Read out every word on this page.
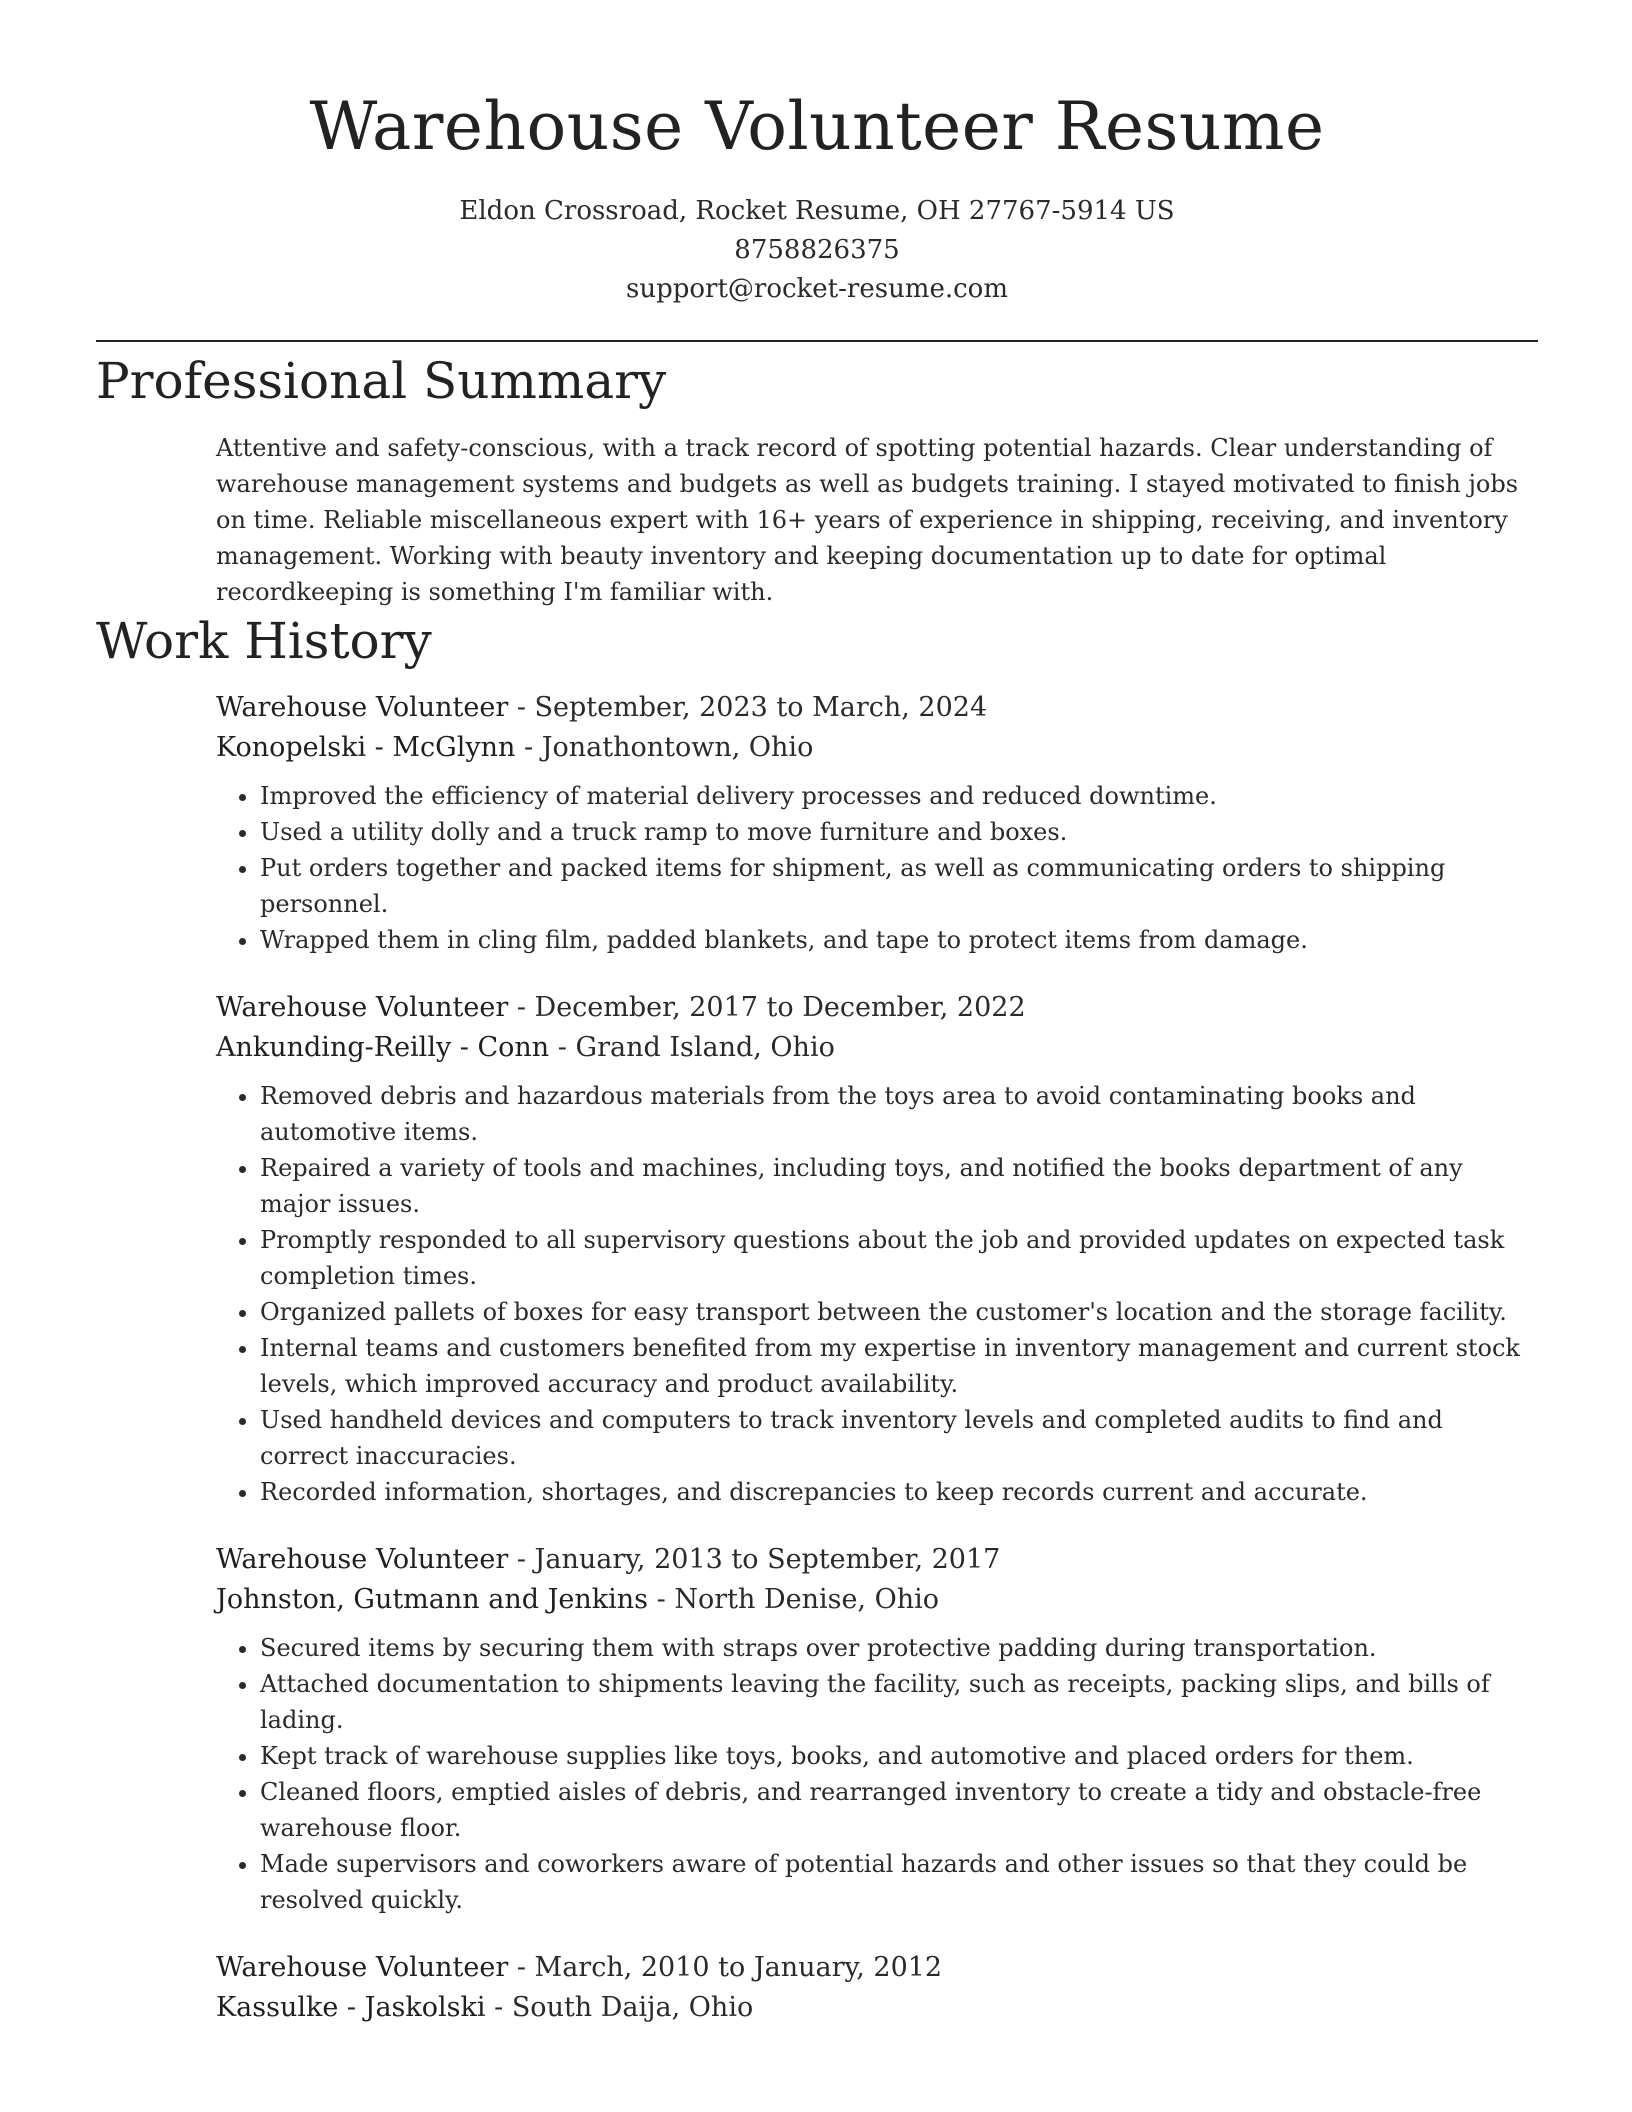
Warehouse Volunteer Resume
Eldon Crossroad, Rocket Resume, OH 27767-5914 US
8758826375
support@rocket-resume.com
Professional Summary

Attentive and safety-conscious, with a track record of spotting potential hazards. Clear understanding of warehouse management systems and budgets as well as budgets training. I stayed motivated to finish jobs on time. Reliable miscellaneous expert with 16+ years of experience in shipping, receiving, and inventory management. Working with beauty inventory and keeping documentation up to date for optimal recordkeeping is something I'm familiar with.

Work History
Warehouse Volunteer - September, 2023 to March, 2024
Konopelski - McGlynn - Jonathontown, Ohio
• Improved the efficiency of material delivery processes and reduced downtime.
• Used a utility dolly and a truck ramp to move furniture and boxes.
• Put orders together and packed items for shipment, as well as communicating orders to shipping personnel.
• Wrapped them in cling film, padded blankets, and tape to protect items from damage.
Warehouse Volunteer - December, 2017 to December, 2022
Ankunding-Reilly - Conn - Grand Island, Ohio
• Removed debris and hazardous materials from the toys area to avoid contaminating books and automotive items.
• Repaired a variety of tools and machines, including toys, and notified the books department of any major issues.
• Promptly responded to all supervisory questions about the job and provided updates on expected task completion times.
• Organized pallets of boxes for easy transport between the customer's location and the storage facility.
• Internal teams and customers benefited from my expertise in inventory management and current stock levels, which improved accuracy and product availability.
• Used handheld devices and computers to track inventory levels and completed audits to find and correct inaccuracies.
• Recorded information, shortages, and discrepancies to keep records current and accurate.
Warehouse Volunteer - January, 2013 to September, 2017
Johnston, Gutmann and Jenkins - North Denise, Ohio
• Secured items by securing them with straps over protective padding during transportation.
• Attached documentation to shipments leaving the facility, such as receipts, packing slips, and bills of lading.
• Kept track of warehouse supplies like toys, books, and automotive and placed orders for them.
• Cleaned floors, emptied aisles of debris, and rearranged inventory to create a tidy and obstacle-free warehouse floor.
• Made supervisors and coworkers aware of potential hazards and other issues so that they could be resolved quickly.
Warehouse Volunteer - March, 2010 to January, 2012
Kassulke - Jaskolski - South Daija, Ohio
